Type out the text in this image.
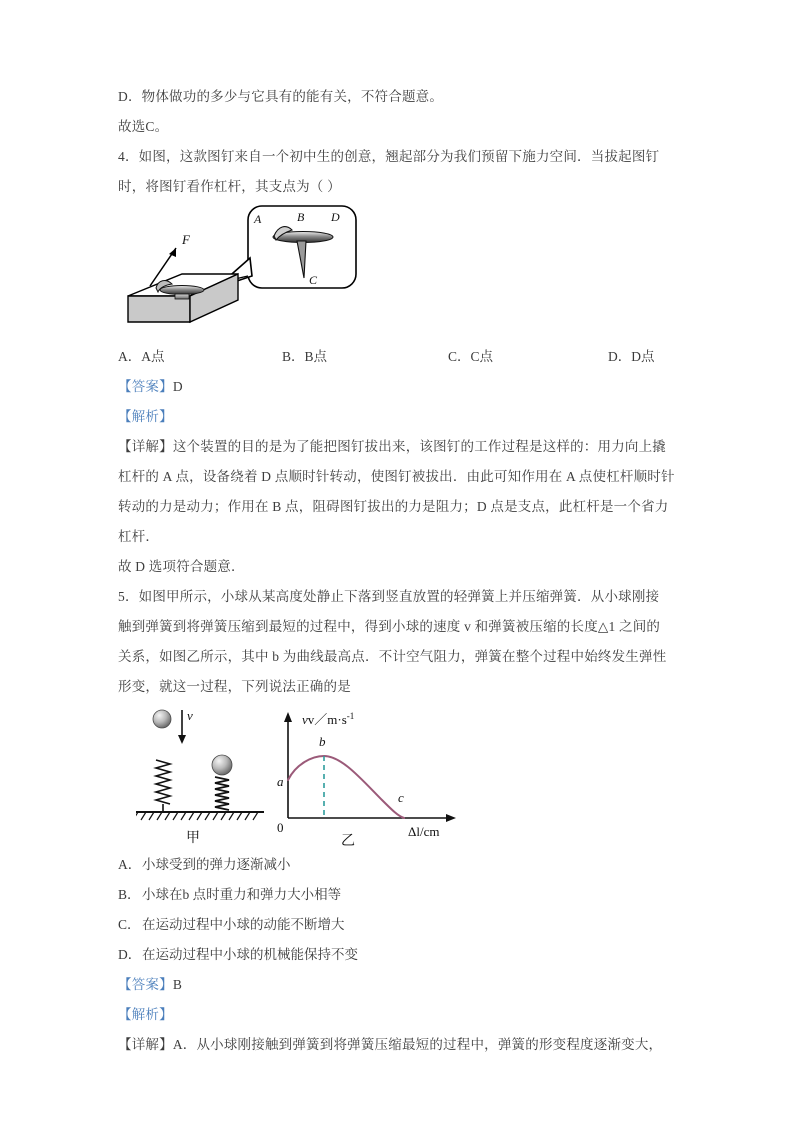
D．物体做功的多少与它具有的能有关，不符合题意。
故选C。
4．如图，这款图钉来自一个初中生的创意，翘起部分为我们预留下施力空间．当拔起图钉
时，将图钉看作杠杆，其支点为（ ）
A	B D
C
F
A．A点	B．B点	C．C点	D．D点
【答案】D
【解析】
【详解】这个装置的目的是为了能把图钉拔出来，该图钉的工作过程是这样的：用力向上撬
杠杆的 A 点，设备绕着 D 点顺时针转动，使图钉被拔出．由此可知作用在 A 点使杠杆顺时针
转动的力是动力；作用在 B 点，阻碍图钉拔出的力是阻力；D 点是支点，此杠杆是一个省力
杠杆．
故 D 选项符合题意．
5．如图甲所示，小球从某高度处静止下落到竖直放置的轻弹簧上并压缩弹簧．从小球刚接
触到弹簧到将弹簧压缩到最短的过程中，得到小球的速度 v 和弹簧被压缩的长度△1 之间的
关系，如图乙所示，其中 b 为曲线最高点．不计空气阻力，弹簧在整个过程中始终发生弹性
形变，就这一过程，下列说法正确的是
v
甲
$vv/m\cdot s^{-1}$
Δl/cm
0
a
b
c
乙
A．小球受到的弹力逐渐减小
B．小球在b 点时重力和弹力大小相等
C．在运动过程中小球的动能不断增大
D．在运动过程中小球的机械能保持不变
【答案】B
【解析】
【详解】A．从小球刚接触到弹簧到将弹簧压缩最短的过程中，弹簧的形变程度逐渐变大，
